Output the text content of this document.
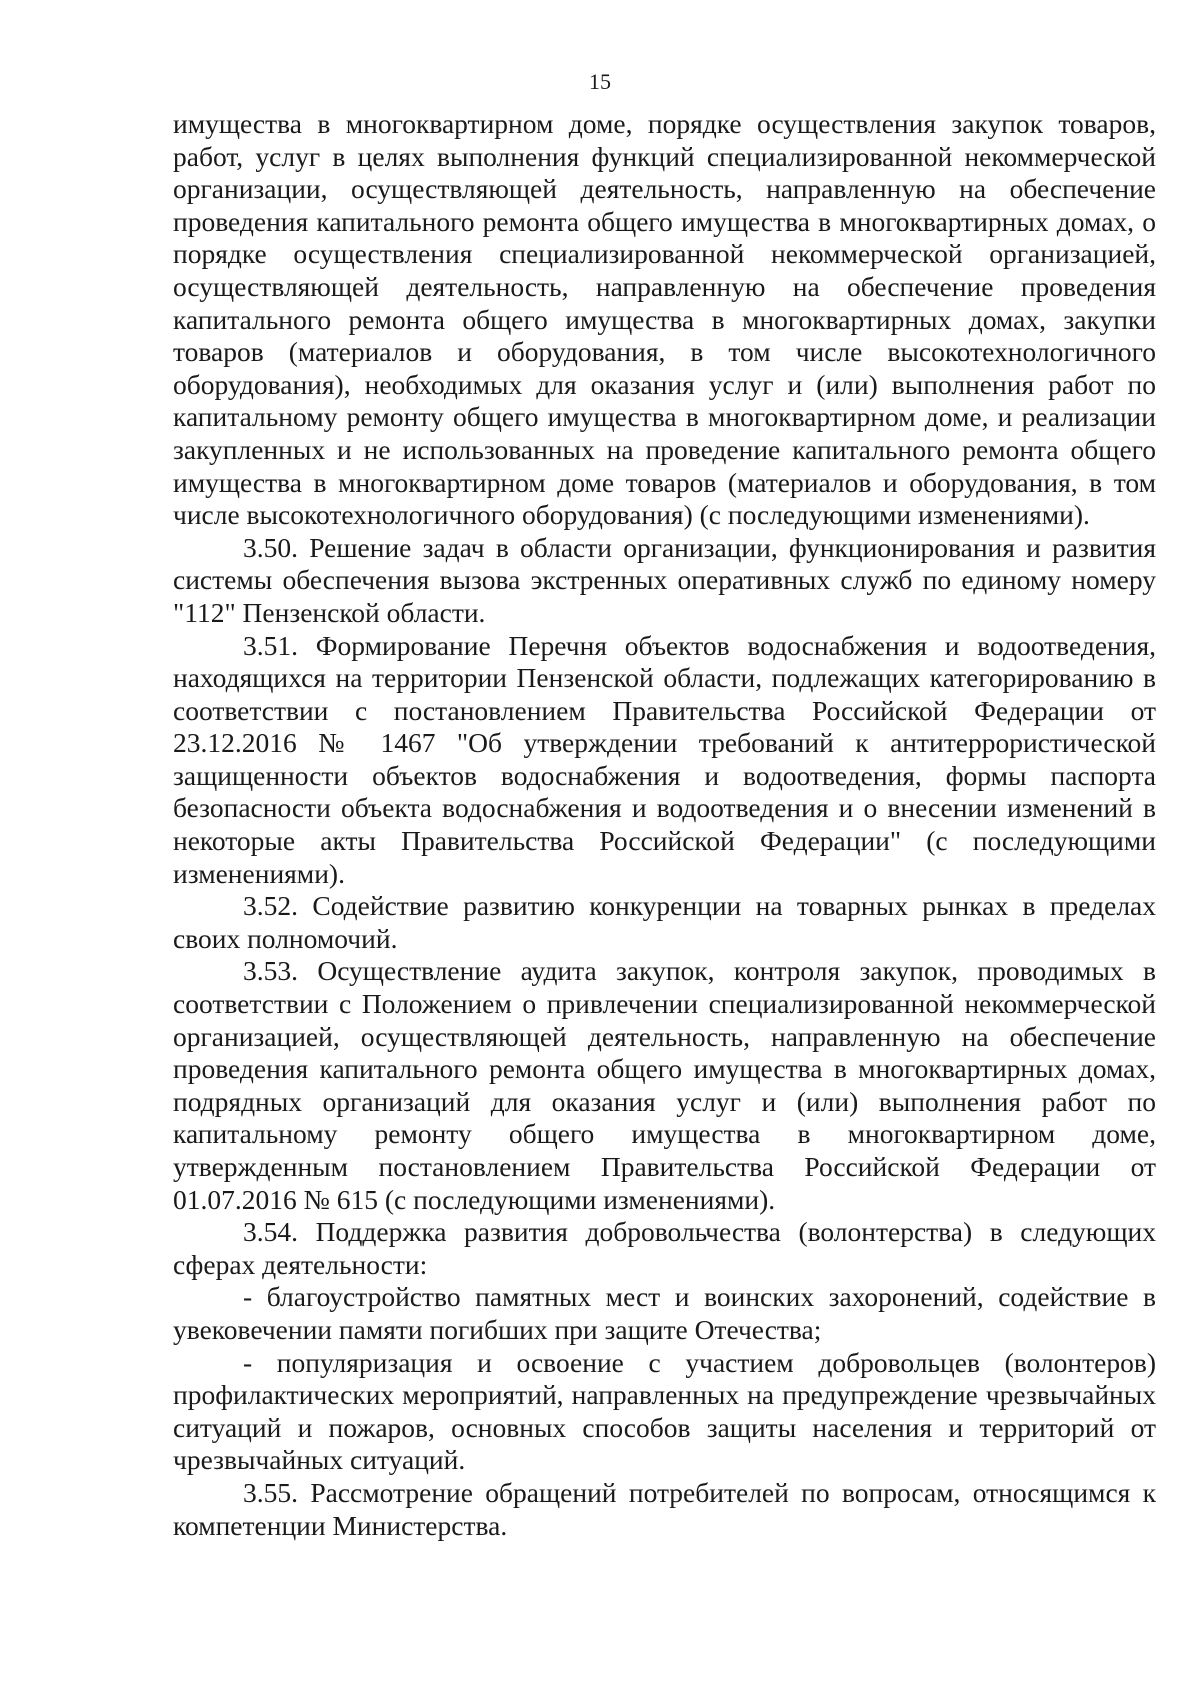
15

имущества в многоквартирном доме, порядке осуществления закупок товаров, работ, услуг в целях выполнения функций специализированной некоммерческой организации, осуществляющей деятельность, направленную на обеспечение проведения капитального ремонта общего имущества в многоквартирных домах, о порядке осуществления специализированной некоммерческой организацией, осуществляющей деятельность, направленную на обеспечение проведения капитального ремонта общего имущества в многоквартирных домах, закупки товаров (материалов и оборудования, в том числе высокотехнологичного оборудования), необходимых для оказания услуг и (или) выполнения работ по капитальному ремонту общего имущества в многоквартирном доме, и реализации закупленных и не использованных на проведение капитального ремонта общего имущества в многоквартирном доме товаров (материалов и оборудования, в том числе высокотехнологичного оборудования) (с последующими изменениями).

3.50. Решение задач в области организации, функционирования и развития системы обеспечения вызова экстренных оперативных служб по единому номеру "112" Пензенской области.

3.51. Формирование Перечня объектов водоснабжения и водоотведения, находящихся на территории Пензенской области, подлежащих категорированию в соответствии с постановлением Правительства Российской Федерации от 23.12.2016 № 1467 "Об утверждении требований к антитеррористической защищенности объектов водоснабжения и водоотведения, формы паспорта безопасности объекта водоснабжения и водоотведения и о внесении изменений в некоторые акты Правительства Российской Федерации" (с последующими изменениями).

3.52. Содействие развитию конкуренции на товарных рынках в пределах своих полномочий.

3.53. Осуществление аудита закупок, контроля закупок, проводимых в соответствии с Положением о привлечении специализированной некоммерческой организацией, осуществляющей деятельность, направленную на обеспечение проведения капитального ремонта общего имущества в многоквартирных домах, подрядных организаций для оказания услуг и (или) выполнения работ по капитальному ремонту общего имущества в многоквартирном доме, утвержденным постановлением Правительства Российской Федерации от 01.07.2016 № 615 (с последующими изменениями).

3.54. Поддержка развития добровольчества (волонтерства) в следующих сферах деятельности:

- благоустройство памятных мест и воинских захоронений, содействие в увековечении памяти погибших при защите Отечества;

- популяризация и освоение с участием добровольцев (волонтеров) профилактических мероприятий, направленных на предупреждение чрезвычайных ситуаций и пожаров, основных способов защиты населения и территорий от чрезвычайных ситуаций.

3.55. Рассмотрение обращений потребителей по вопросам, относящимся к компетенции Министерства.
